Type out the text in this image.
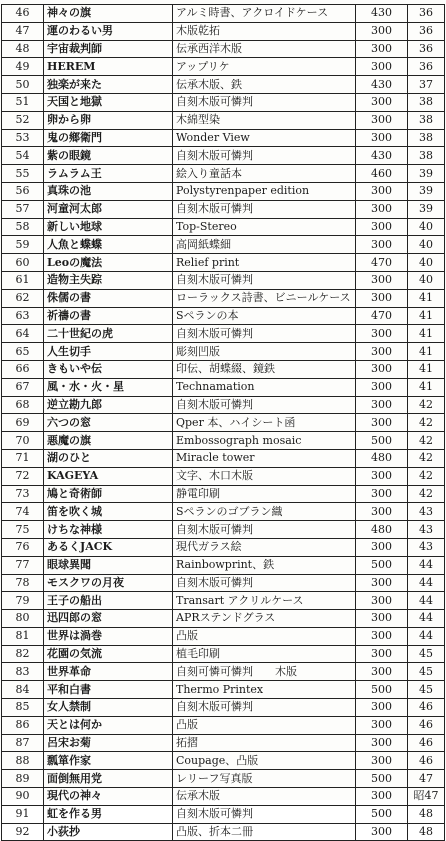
46	神々の旗	アルミ時書、アクロイドケース	430	36
47	運のわるい男	木版乾拓	300	36
48	宇宙裁判師	伝承西洋木版	300	36
49	HEREM	アップリケ	300	36
50	独楽が来た	伝承木版、鉄	430	37
51	天国と地獄	自刻木版可憐判	300	38
52	卵から卵	木綿型染	300	38
53	鬼の鄉衛門	Wonder View	300	38
54	紫の眼鏡	自刻木版可憐判	430	38
55	ラムラム王	絵入り童話本	460	39
56	真珠の池	Polystyrenpaper edition	300	39
57	河童河太郎	自刻木版可憐判	300	39
58	新しい地球	Top-Stereo	300	40
59	人魚と蝶蝶	高岡紙蝶細	300	40
60	Leoの魔法	Relief print	470	40
61	造物主失踪	自刻木版可憐判	300	40
62	侏儒の書	ローラックス詩書、ビニールケース	300	41
63	祈禱の書	Sペランの本	470	41
64	二十世紀の虎	自刻木版可憐判	300	41
65	人生切手	彫刻凹版	300	41
66	きもいや伝	印伝、胡蝶綴、鏡鉄	300	41
67	風・水・火・星	Technamation	300	41
68	逆立勘九郎	自刻木版可憐判	300	42
69	六つの窓	Qper 本、ハイシート函	300	42
70	悪魔の旗	Embossograph mosaic	500	42
71	湖のひと	Miracle tower	480	42
72	KAGEYA	文字、木口木版	300	42
73	鳩と奇術師	静電印刷	300	42
74	笛を吹く城	Sペランのゴブラン織	300	43
75	けちな神様	自刻木版可憐判	480	43
76	あるくJACK	現代ガラス絵	300	43
77	眼球異聞	Rainbowprint、鉄	500	44
78	モスクワの月夜	自刻木版可憐判	300	44
79	王子の船出	Transart アクリルケース	300	44
80	迅四郎の窓	APRステンドグラス	300	44
81	世界は渦巻	凸版	300	44
82	花園の気流	植毛印刷	300	45
83	世界革命	自刻可憐可憐判　　木版	300	45
84	平和白書	Thermo Printex	500	45
85	女人禁制	自刻木版可憐判	300	46
86	天とは何か	凸版	300	46
87	呂宋お菊	拓摺	300	46
88	瓢箪作家	Coupage、凸版	300	46
89	面倒無用党	レリーフ写真版	500	47
90	現代の神々	伝承木版	300	昭47
91	虹を作る男	自刻木版可憐判	500	48
92	小荻抄	凸版、折本二冊	300	48
